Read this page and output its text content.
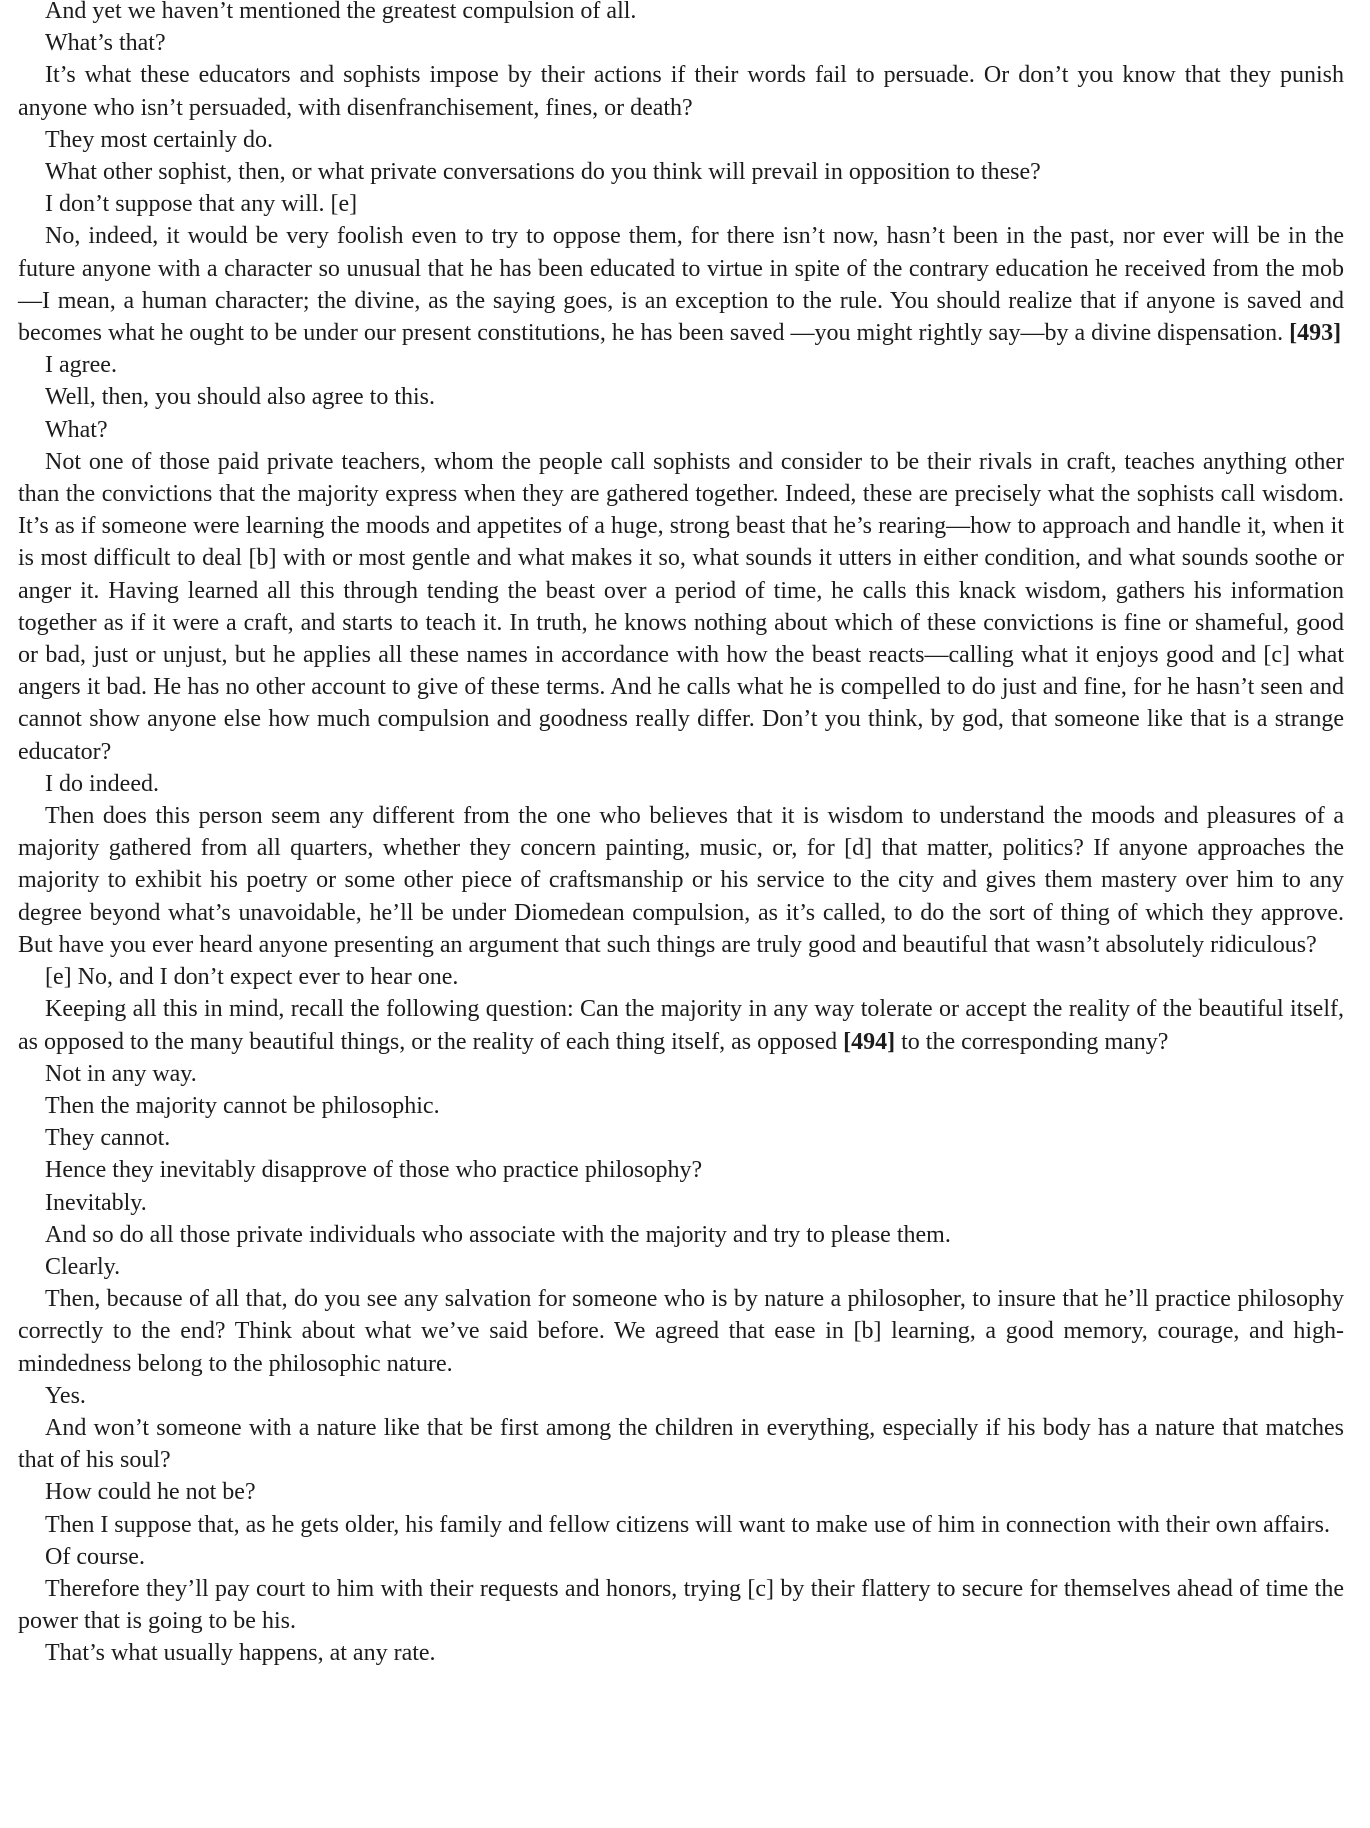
And yet we haven’t mentioned the greatest compulsion of all.

What’s that?

It’s what these educators and sophists impose by their actions if their words fail to persuade. Or don’t you know that they punish anyone who isn’t persuaded, with disenfranchisement, fines, or death?

They most certainly do.

What other sophist, then, or what private conversations do you think will prevail in opposition to these?

I don’t suppose that any will. [e]

No, indeed, it would be very foolish even to try to oppose them, for there isn’t now, hasn’t been in the past, nor ever will be in the future anyone with a character so unusual that he has been educated to virtue in spite of the contrary education he received from the mob—I mean, a human character; the divine, as the saying goes, is an exception to the rule. You should realize that if anyone is saved and becomes what he ought to be under our present constitutions, he has been saved —you might rightly say—by a divine dispensation. [493]

I agree.

Well, then, you should also agree to this.

What?

Not one of those paid private teachers, whom the people call sophists and consider to be their rivals in craft, teaches anything other than the convictions that the majority express when they are gathered together. Indeed, these are precisely what the sophists call wisdom. It’s as if someone were learning the moods and appetites of a huge, strong beast that he’s rearing—how to approach and handle it, when it is most difficult to deal [b] with or most gentle and what makes it so, what sounds it utters in either condition, and what sounds soothe or anger it. Having learned all this through tending the beast over a period of time, he calls this knack wisdom, gathers his information together as if it were a craft, and starts to teach it. In truth, he knows nothing about which of these convictions is fine or shameful, good or bad, just or unjust, but he applies all these names in accordance with how the beast reacts—calling what it enjoys good and [c] what angers it bad. He has no other account to give of these terms. And he calls what he is compelled to do just and fine, for he hasn’t seen and cannot show anyone else how much compulsion and goodness really differ. Don’t you think, by god, that someone like that is a strange educator?

I do indeed.

Then does this person seem any different from the one who believes that it is wisdom to understand the moods and pleasures of a majority gathered from all quarters, whether they concern painting, music, or, for [d] that matter, politics? If anyone approaches the majority to exhibit his poetry or some other piece of craftsmanship or his service to the city and gives them mastery over him to any degree beyond what’s unavoidable, he’ll be under Diomedean compulsion, as it’s called, to do the sort of thing of which they approve. But have you ever heard anyone presenting an argument that such things are truly good and beautiful that wasn’t absolutely ridiculous?

[e] No, and I don’t expect ever to hear one.

Keeping all this in mind, recall the following question: Can the majority in any way tolerate or accept the reality of the beautiful itself, as opposed to the many beautiful things, or the reality of each thing itself, as opposed [494] to the corresponding many?

Not in any way.

Then the majority cannot be philosophic.

They cannot.

Hence they inevitably disapprove of those who practice philosophy?

Inevitably.

And so do all those private individuals who associate with the majority and try to please them.

Clearly.

Then, because of all that, do you see any salvation for someone who is by nature a philosopher, to insure that he’ll practice philosophy correctly to the end? Think about what we’ve said before. We agreed that ease in [b] learning, a good memory, courage, and high-mindedness belong to the philosophic nature.

Yes.

And won’t someone with a nature like that be first among the children in everything, especially if his body has a nature that matches that of his soul?

How could he not be?

Then I suppose that, as he gets older, his family and fellow citizens will want to make use of him in connection with their own affairs.

Of course.

Therefore they’ll pay court to him with their requests and honors, trying [c] by their flattery to secure for themselves ahead of time the power that is going to be his.

That’s what usually happens, at any rate.
